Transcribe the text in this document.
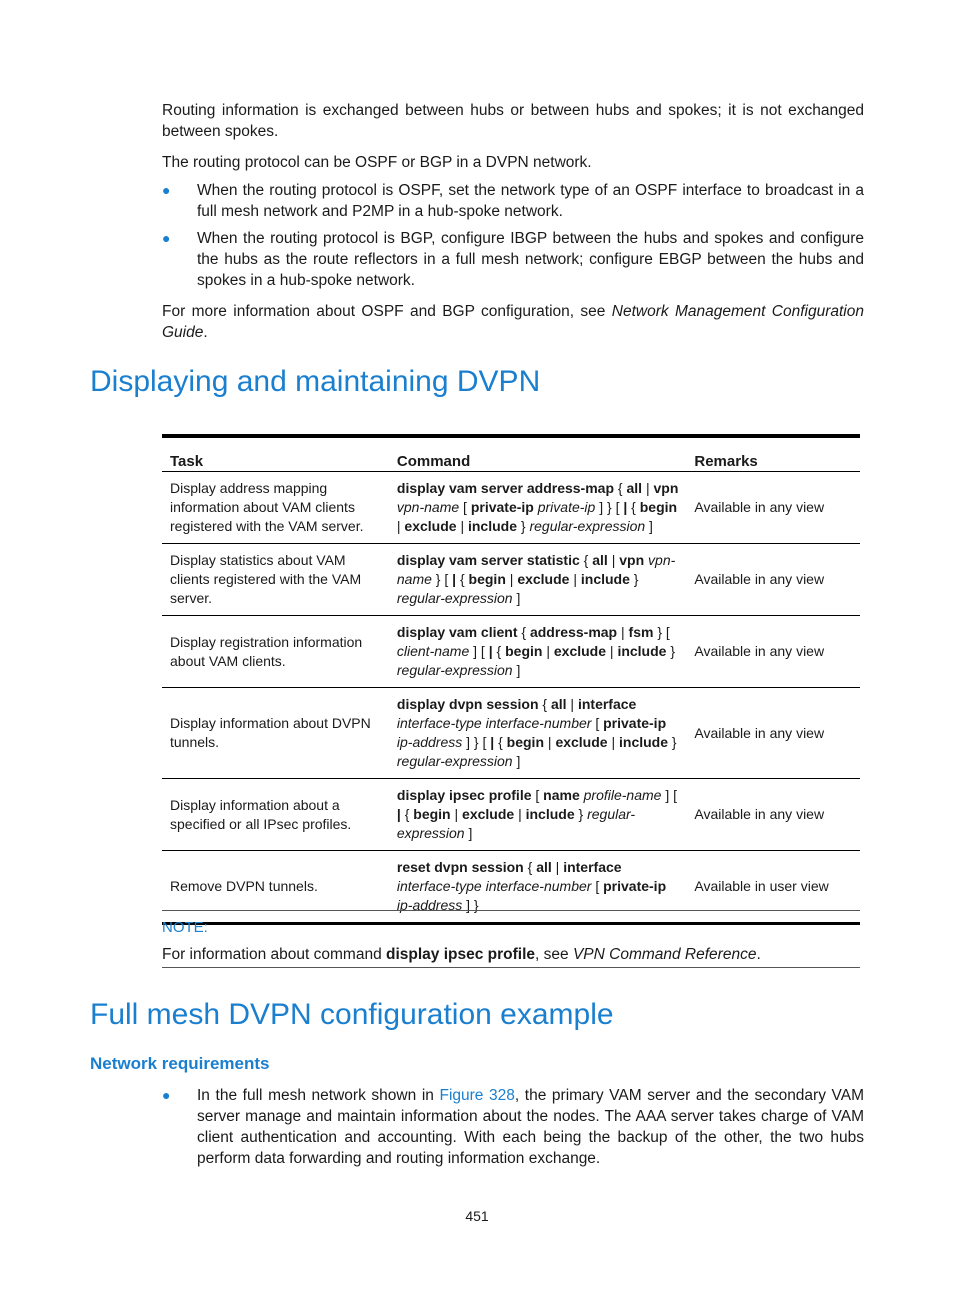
Routing information is exchanged between hubs or between hubs and spokes; it is not exchanged between spokes.

The routing protocol can be OSPF or BGP in a DVPN network.

● When the routing protocol is OSPF, set the network type of an OSPF interface to broadcast in a full mesh network and P2MP in a hub-spoke network.
● When the routing protocol is BGP, configure IBGP between the hubs and spokes and configure the hubs as the route reflectors in a full mesh network; configure EBGP between the hubs and spokes in a hub-spoke network.

For more information about OSPF and BGP configuration, see Network Management Configuration Guide.

Displaying and maintaining DVPN
Task	Command	Remarks
Display address mapping information about VAM clients registered with the VAM server.	display vam server address-map { all | vpn vpn-name [ private-ip private-ip ] } [ | { begin | exclude | include } regular-expression ]	Available in any view
Display statistics about VAM clients registered with the VAM server.	display vam server statistic { all | vpn vpn-name } [ | { begin | exclude | include } regular-expression ]	Available in any view
Display registration information about VAM clients.	display vam client { address-map | fsm } [ client-name ] [ | { begin | exclude | include } regular-expression ]	Available in any view
Display information about DVPN tunnels.	display dvpn session { all | interface interface-type interface-number [ private-ip ip-address ] } [ | { begin | exclude | include } regular-expression ]	Available in any view
Display information about a specified or all IPsec profiles.	display ipsec profile [ name profile-name ] [ | { begin | exclude | include } regular-expression ]	Available in any view
Remove DVPN tunnels.	reset dvpn session { all | interface interface-type interface-number [ private-ip ip-address ] }	Available in user view
NOTE:
For information about command display ipsec profile, see VPN Command Reference.
Full mesh DVPN configuration example
Network requirements
● In the full mesh network shown in Figure 328, the primary VAM server and the secondary VAM server manage and maintain information about the nodes. The AAA server takes charge of VAM client authentication and accounting. With each being the backup of the other, the two hubs perform data forwarding and routing information exchange.
451
